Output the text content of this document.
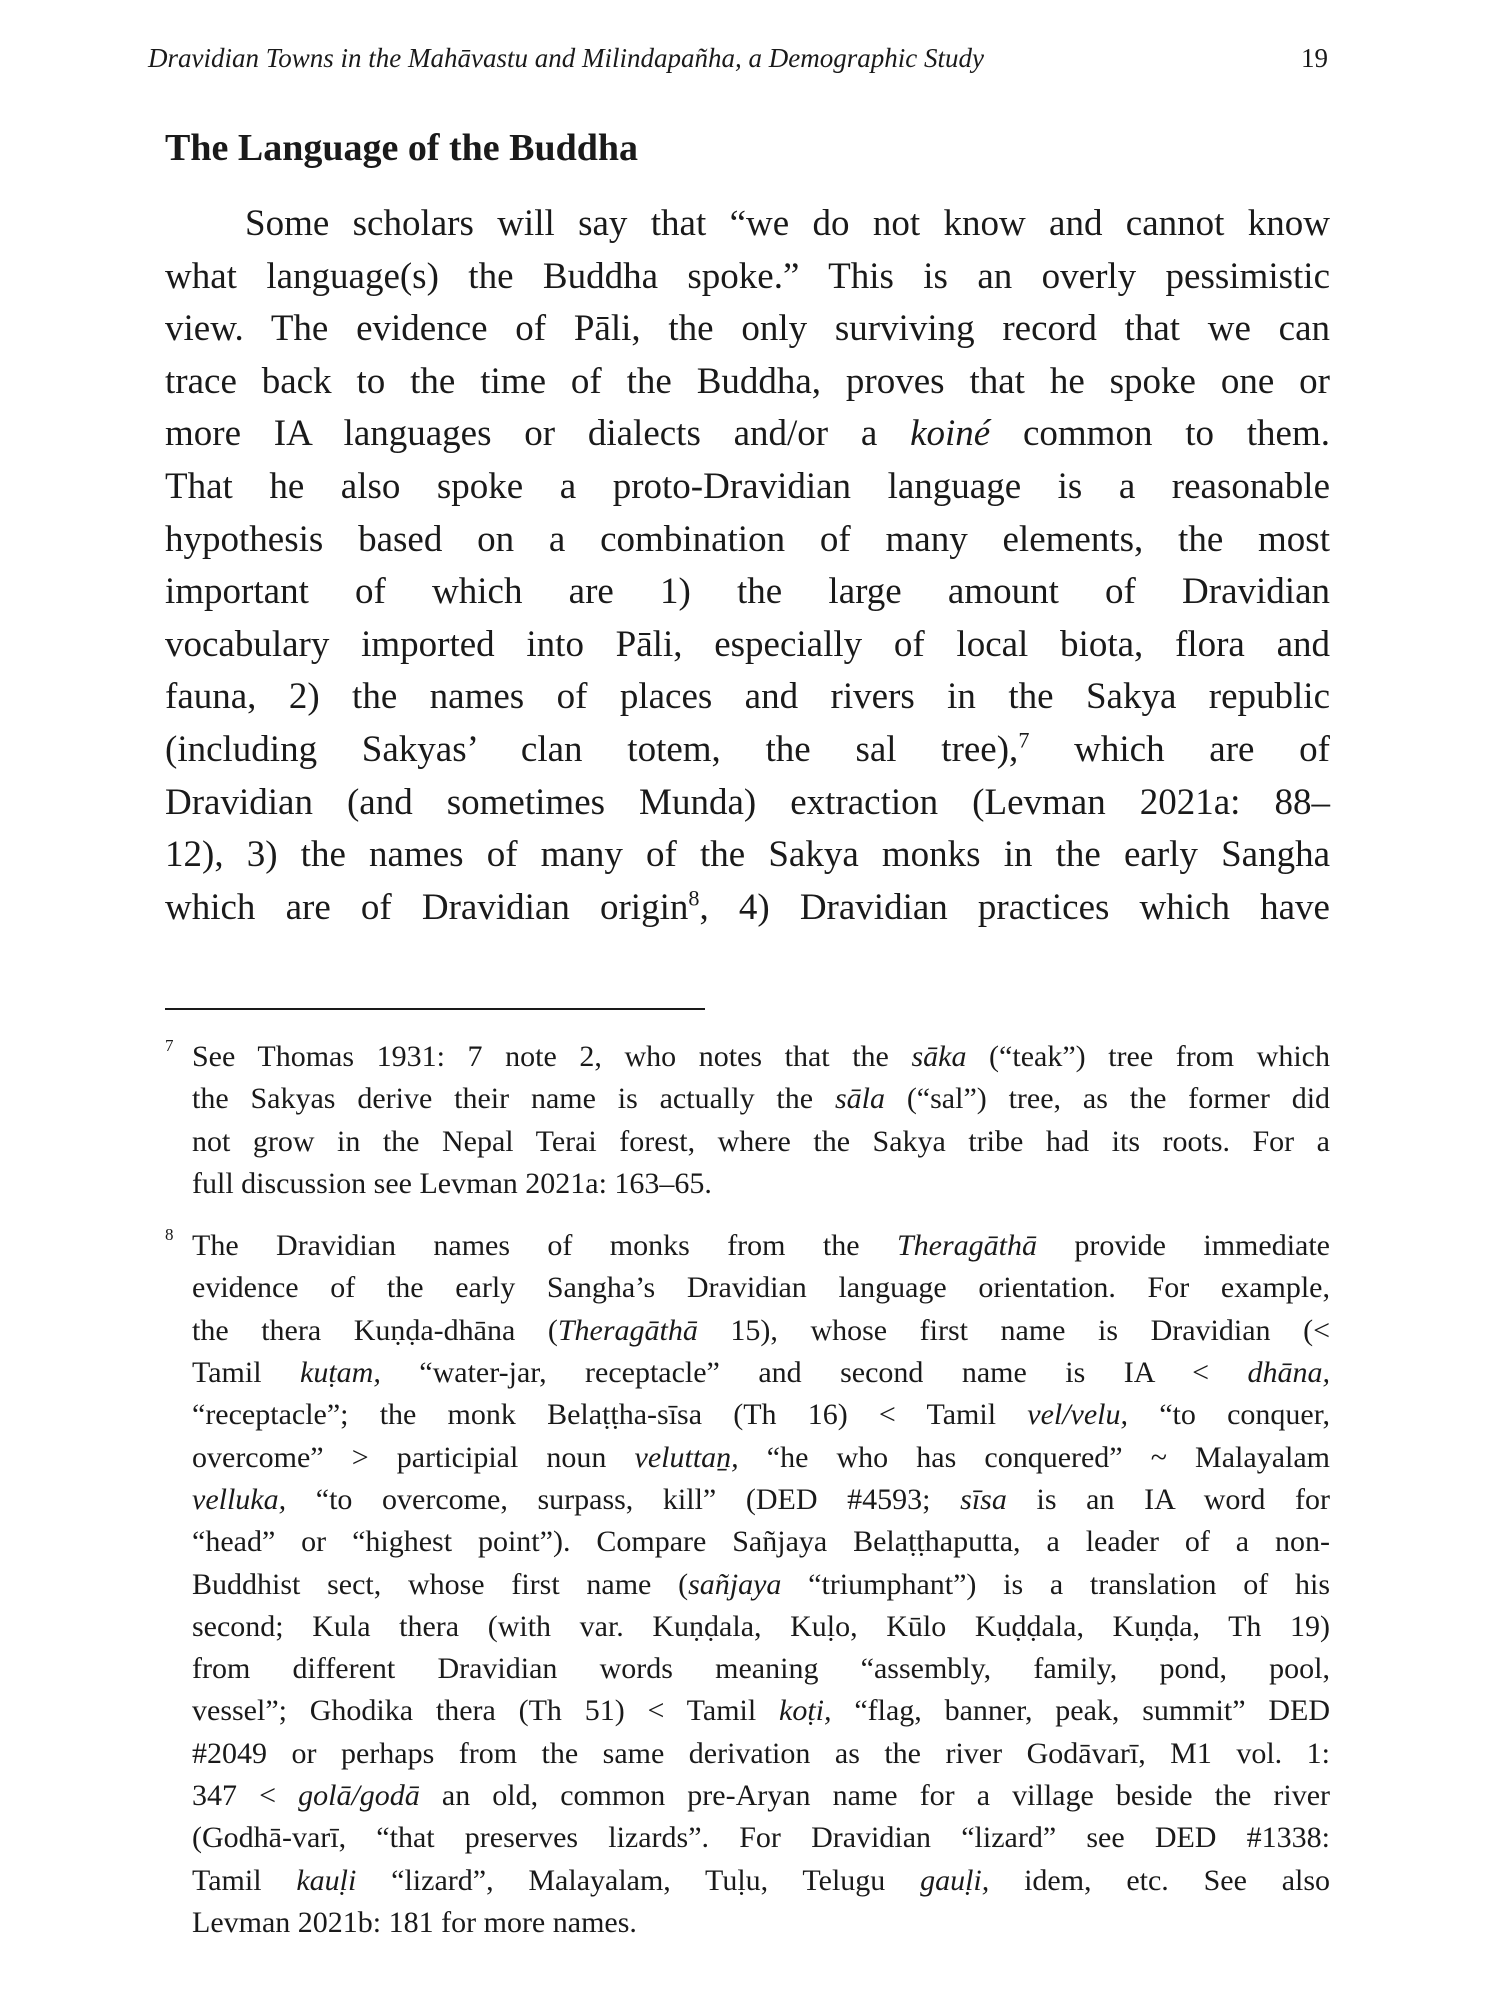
Dravidian Towns in the Mahāvastu and Milindapañha, a Demographic Study	19
The Language of the Buddha
Some scholars will say that “we do not know and cannot know
what language(s) the Buddha spoke.” This is an overly pessimistic
view. The evidence of Pāli, the only surviving record that we can
trace back to the time of the Buddha, proves that he spoke one or
more IA languages or dialects and/or a koiné common to them.
That he also spoke a proto-Dravidian language is a reasonable
hypothesis based on a combination of many elements, the most
important of which are 1) the large amount of Dravidian
vocabulary imported into Pāli, especially of local biota, flora and
fauna, 2) the names of places and rivers in the Sakya republic
(including Sakyas’ clan totem, the sal tree),$^7$ which are of
Dravidian (and sometimes Munda) extraction (Levman 2021a: 88–
12), 3) the names of many of the Sakya monks in the early Sangha
which are of Dravidian origin$^8$, 4) Dravidian practices which have
7 See Thomas 1931: 7 note 2, who notes that the sāka (“teak”) tree from which
the Sakyas derive their name is actually the sāla (“sal”) tree, as the former did
not grow in the Nepal Terai forest, where the Sakya tribe had its roots. For a
full discussion see Levman 2021a: 163–65.
8 The Dravidian names of monks from the Theragāthā provide immediate
evidence of the early Sangha’s Dravidian language orientation. For example,
the thera Kuṇḍa-dhāna (Theragāthā 15), whose first name is Dravidian (<
Tamil kuṭam, “water-jar, receptacle” and second name is IA < dhāna,
“receptacle”; the monk Belaṭṭha-sīsa (Th 16) < Tamil vel/velu, “to conquer,
overcome” > participial noun veluttaṉ, “he who has conquered” ~ Malayalam
velluka, “to overcome, surpass, kill” (DED #4593; sīsa is an IA word for
“head” or “highest point”). Compare Sañjaya Belaṭṭhaputta, a leader of a non-
Buddhist sect, whose first name (sañjaya “triumphant”) is a translation of his
second; Kula thera (with var. Kuṇḍala, Kuḷo, Kūlo Kuḍḍala, Kuṇḍa, Th 19)
from different Dravidian words meaning “assembly, family, pond, pool,
vessel”; Ghodika thera (Th 51) < Tamil koṭi, “flag, banner, peak, summit” DED
#2049 or perhaps from the same derivation as the river Godāvarī, M1 vol. 1:
347 < golā/godā an old, common pre-Aryan name for a village beside the river
(Godhā-varī, “that preserves lizards”. For Dravidian “lizard” see DED #1338:
Tamil kauḷi “lizard”, Malayalam, Tuḷu, Telugu gauḷi, idem, etc. See also
Levman 2021b: 181 for more names.
